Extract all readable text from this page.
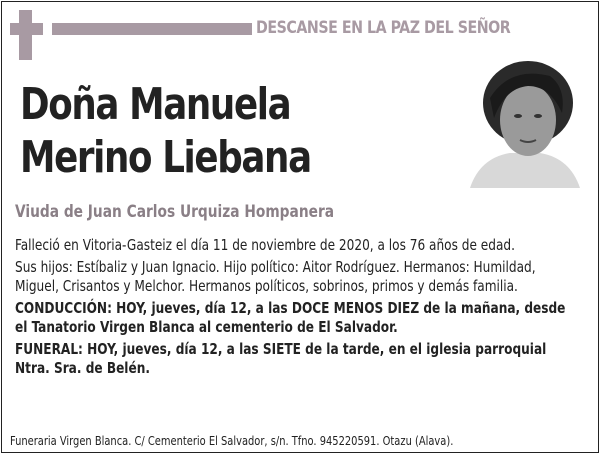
DESCANSE EN LA PAZ DEL SEÑOR
Doña Manuela
Merino Liebana
Viuda de Juan Carlos Urquiza Hompanera

Falleció en Vitoria-Gasteiz el día 11 de noviembre de 2020, a los 76 años de edad.

Sus hijos: Estíbaliz y Juan Ignacio. Hijo político: Aitor Rodríguez. Hermanos: Humildad, Miguel, Crisantos y Melchor. Hermanos políticos, sobrinos, primos y demás familia.

CONDUCCIÓN: HOY, jueves, día 12, a las DOCE MENOS DIEZ de la mañana, desde el Tanatorio Virgen Blanca al cementerio de El Salvador.

FUNERAL: HOY, jueves, día 12, a las SIETE de la tarde, en el iglesia parroquial Ntra. Sra. de Belén.

Funeraria Virgen Blanca. C/ Cementerio El Salvador, s/n. Tfno. 945220591. Otazu (Alava).
